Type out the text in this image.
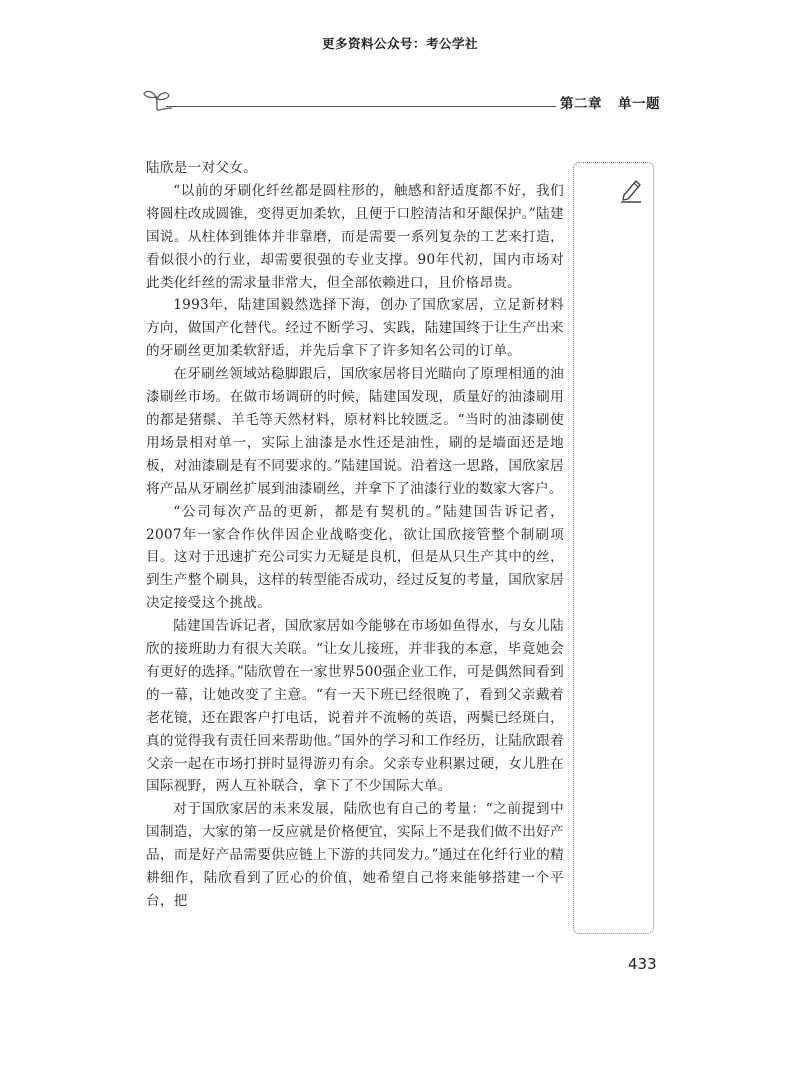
更多资料公众号：考公学社
第二章 单一题

陆欣是一对父女。

“以前的牙刷化纤丝都是圆柱形的，触感和舒适度都不好，我们将圆柱改成圆锥，变得更加柔软，且便于口腔清洁和牙龈保护。”陆建国说。从柱体到锥体并非靠磨，而是需要一系列复杂的工艺来打造，看似很小的行业，却需要很强的专业支撑。90年代初，国内市场对此类化纤丝的需求量非常大，但全部依赖进口，且价格昂贵。

1993年，陆建国毅然选择下海，创办了国欣家居，立足新材料方向，做国产化替代。经过不断学习、实践，陆建国终于让生产出来的牙刷丝更加柔软舒适，并先后拿下了许多知名公司的订单。

在牙刷丝领域站稳脚跟后，国欣家居将目光瞄向了原理相通的油漆刷丝市场。在做市场调研的时候，陆建国发现，质量好的油漆刷用的都是猪鬃、羊毛等天然材料，原材料比较匮乏。“当时的油漆刷使用场景相对单一，实际上油漆是水性还是油性，刷的是墙面还是地板，对油漆刷是有不同要求的。”陆建国说。沿着这一思路，国欣家居将产品从牙刷丝扩展到油漆刷丝，并拿下了油漆行业的数家大客户。

“公司每次产品的更新，都是有契机的。”陆建国告诉记者，2007年一家合作伙伴因企业战略变化，欲让国欣接管整个制刷项目。这对于迅速扩充公司实力无疑是良机，但是从只生产其中的丝，到生产整个刷具，这样的转型能否成功，经过反复的考量，国欣家居决定接受这个挑战。

陆建国告诉记者，国欣家居如今能够在市场如鱼得水，与女儿陆欣的接班助力有很大关联。“让女儿接班，并非我的本意，毕竟她会有更好的选择。”陆欣曾在一家世界500强企业工作，可是偶然间看到的一幕，让她改变了主意。“有一天下班已经很晚了，看到父亲戴着老花镜，还在跟客户打电话，说着并不流畅的英语，两鬓已经斑白，真的觉得我有责任回来帮助他。”国外的学习和工作经历，让陆欣跟着父亲一起在市场打拼时显得游刃有余。父亲专业积累过硬，女儿胜在国际视野，两人互补联合，拿下了不少国际大单。

对于国欣家居的未来发展，陆欣也有自己的考量：“之前提到中国制造，大家的第一反应就是价格便宜，实际上不是我们做不出好产品，而是好产品需要供应链上下游的共同发力。”通过在化纤行业的精耕细作，陆欣看到了匠心的价值，她希望自己将来能够搭建一个平台，把

433
